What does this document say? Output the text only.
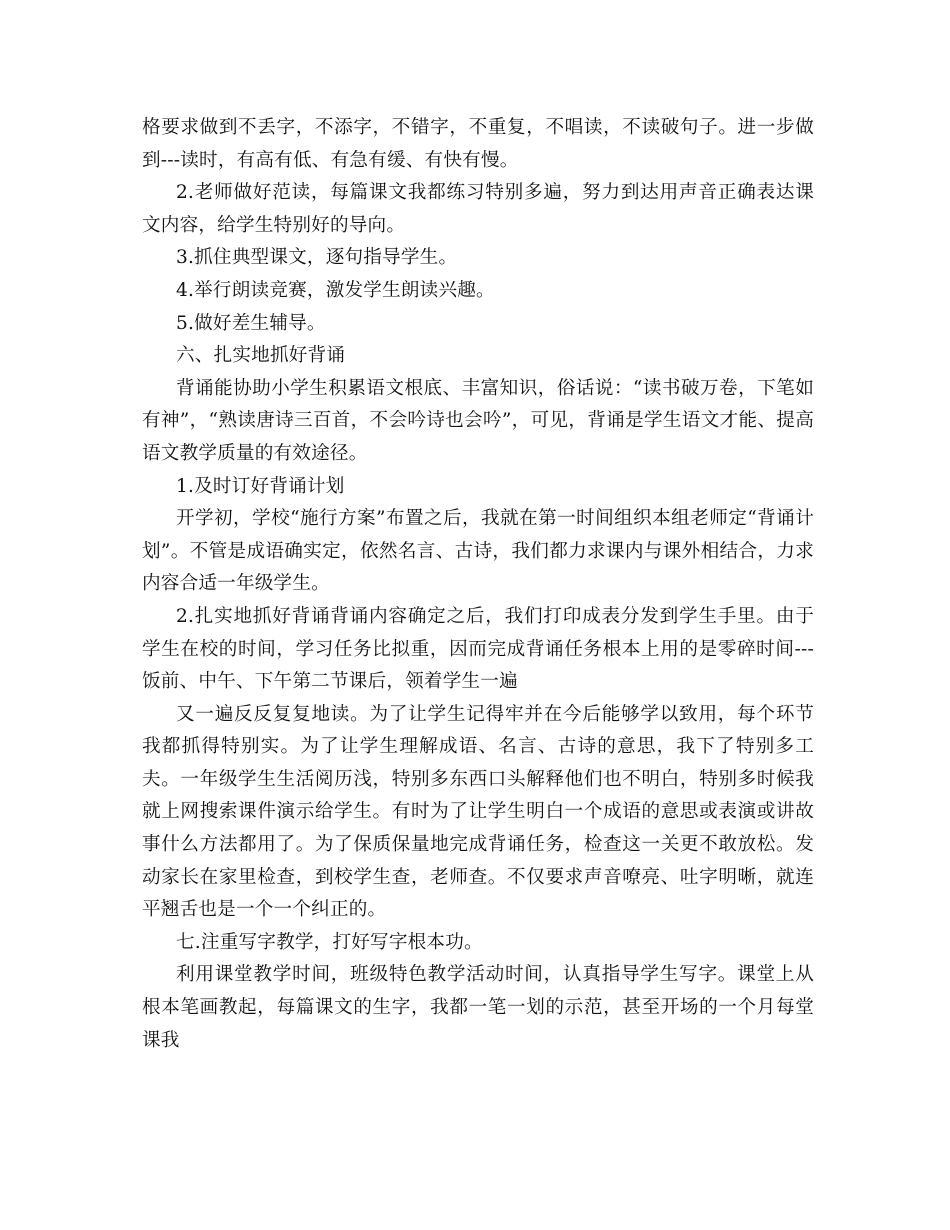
格要求做到不丢字，不添字，不错字，不重复，不唱读，不读破句子。进一步做到---读时，有高有低、有急有缓、有快有慢。

2.老师做好范读，每篇课文我都练习特别多遍，努力到达用声音正确表达课文内容，给学生特别好的导向。

3.抓住典型课文，逐句指导学生。

4.举行朗读竞赛，激发学生朗读兴趣。

5.做好差生辅导。

六、扎实地抓好背诵

背诵能协助小学生积累语文根底、丰富知识，俗话说：“读书破万卷，下笔如有神”，“熟读唐诗三百首，不会吟诗也会吟”，可见，背诵是学生语文才能、提高语文教学质量的有效途径。

1.及时订好背诵计划

开学初，学校“施行方案”布置之后，我就在第一时间组织本组老师定“背诵计划”。不管是成语确实定，依然名言、古诗，我们都力求课内与课外相结合，力求内容合适一年级学生。

2.扎实地抓好背诵背诵内容确定之后，我们打印成表分发到学生手里。由于学生在校的时间，学习任务比拟重，因而完成背诵任务根本上用的是零碎时间---饭前、中午、下午第二节课后，领着学生一遍

又一遍反反复复地读。为了让学生记得牢并在今后能够学以致用，每个环节我都抓得特别实。为了让学生理解成语、名言、古诗的意思，我下了特别多工夫。一年级学生生活阅历浅，特别多东西口头解释他们也不明白，特别多时候我就上网搜索课件演示给学生。有时为了让学生明白一个成语的意思或表演或讲故事什么方法都用了。为了保质保量地完成背诵任务，检查这一关更不敢放松。发动家长在家里检查，到校学生查，老师查。不仅要求声音嘹亮、吐字明晰，就连平翘舌也是一个一个纠正的。

七.注重写字教学，打好写字根本功。

利用课堂教学时间，班级特色教学活动时间，认真指导学生写字。课堂上从根本笔画教起，每篇课文的生字，我都一笔一划的示范，甚至开场的一个月每堂课我
